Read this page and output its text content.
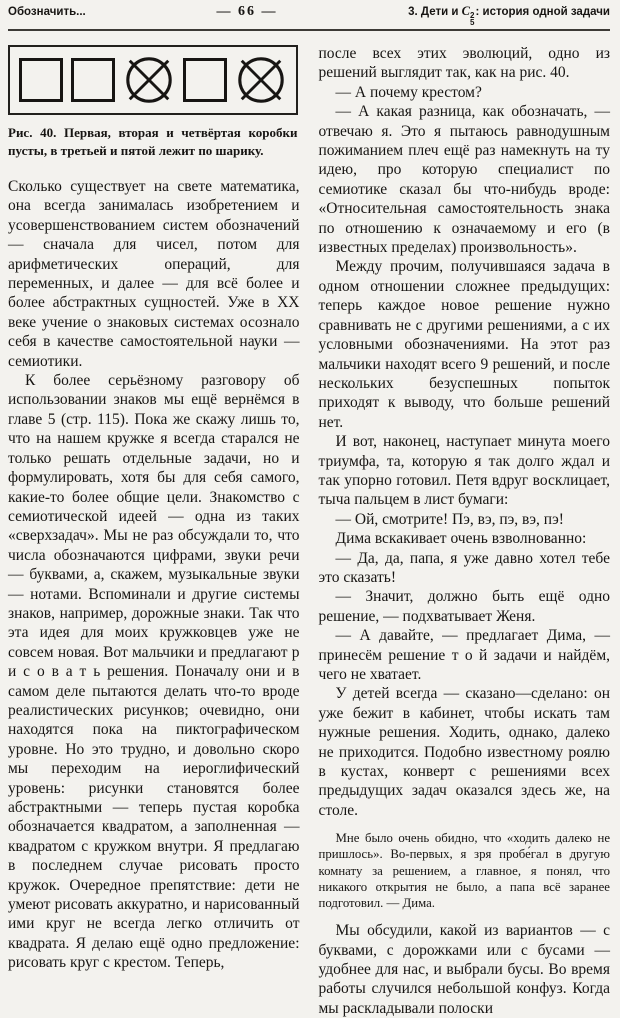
Обозначить...	— 66 —	3. Дети и C 2
5
: история одной задачи

Рис. 40. Первая, вторая и четвёртая коробки пусты, в третьей и пятой лежит по шарику.

Сколько существует на свете математика, она всегда занималась изобретением и усовершенствованием систем обозначений — сначала для чисел, потом для арифметических операций, для переменных, и далее — для всё более и более абстрактных сущностей. Уже в XX веке учение о знаковых системах осознало себя в качестве самостоятельной науки — семиотики.

К более серьёзному разговору об использовании знаков мы ещё вернёмся в главе 5 (стр. 115). Пока же скажу лишь то, что на нашем кружке я всегда старался не только решать отдельные задачи, но и формулировать, хотя бы для себя самого, какие-то более общие цели. Знакомство с семиотической идеей — одна из таких «сверхзадач». Мы не раз обсуждали то, что числа обозначаются цифрами, звуки речи — буквами, а, скажем, музыкальные звуки — нотами. Вспоминали и другие системы знаков, например, дорожные знаки. Так что эта идея для моих кружковцев уже не совсем новая. Вот мальчики и предлагают р и с о в а т ь решения. Поначалу они и в самом деле пытаются делать что-то вроде реалистических рисунков; очевидно, они находятся пока на пиктографическом уровне. Но это трудно, и довольно скоро мы переходим на иероглифический уровень: рисунки становятся более абстрактными — теперь пустая коробка обозначается квадратом, а заполненная — квадратом с кружком внутри. Я предлагаю в последнем случае рисовать просто кружок. Очередное препятствие: дети не умеют рисовать аккуратно, и нарисованный ими круг не всегда легко отличить от квадрата. Я делаю ещё одно предложение: рисовать круг с крестом. Теперь,

после всех этих эволюций, одно из решений выглядит так, как на рис. 40.

— А почему крестом?

— А какая разница, как обозначать, — отвечаю я. Это я пытаюсь равнодушным пожиманием плеч ещё раз намекнуть на ту идею, про которую специалист по семиотике сказал бы что-нибудь вроде: «Относительная самостоятельность знака по отношению к означаемому и его (в известных пределах) произвольность».

Между прочим, получившаяся задача в одном отношении сложнее предыдущих: теперь каждое новое решение нужно сравнивать не с другими решениями, а с их условными обозначениями. На этот раз мальчики находят всего 9 решений, и после нескольких безуспешных попыток приходят к выводу, что больше решений нет.

И вот, наконец, наступает минута моего триумфа, та, которую я так долго ждал и так упорно готовил. Петя вдруг восклицает, тыча пальцем в лист бумаги:

— Ой, смотрите! Пэ, вэ, пэ, вэ, пэ!

Дима вскакивает очень взволнованно:

— Да, да, папа, я уже давно хотел тебе это сказать!

— Значит, должно быть ещё одно решение, — подхватывает Женя.

— А давайте, — предлагает Дима, — принесём решение т о й задачи и найдём, чего не хватает.

У детей всегда — сказано—сделано: он уже бежит в кабинет, чтобы искать там нужные решения. Ходить, однако, далеко не приходится. Подобно известному роялю в кустах, конверт с решениями всех предыдущих задач оказался здесь же, на столе.

Мне было очень обидно, что «ходить далеко не пришлось». Во-первых, я зря пробе́гал в другую комнату за решением, а главное, я понял, что никакого открытия не было, а папа всё заранее подготовил. — Дима.

Мы обсудили, какой из вариантов — с буквами, с дорожками или с бусами — удобнее для нас, и выбрали бусы. Во время работы случился небольшой конфуз. Когда мы раскладывали полоски
